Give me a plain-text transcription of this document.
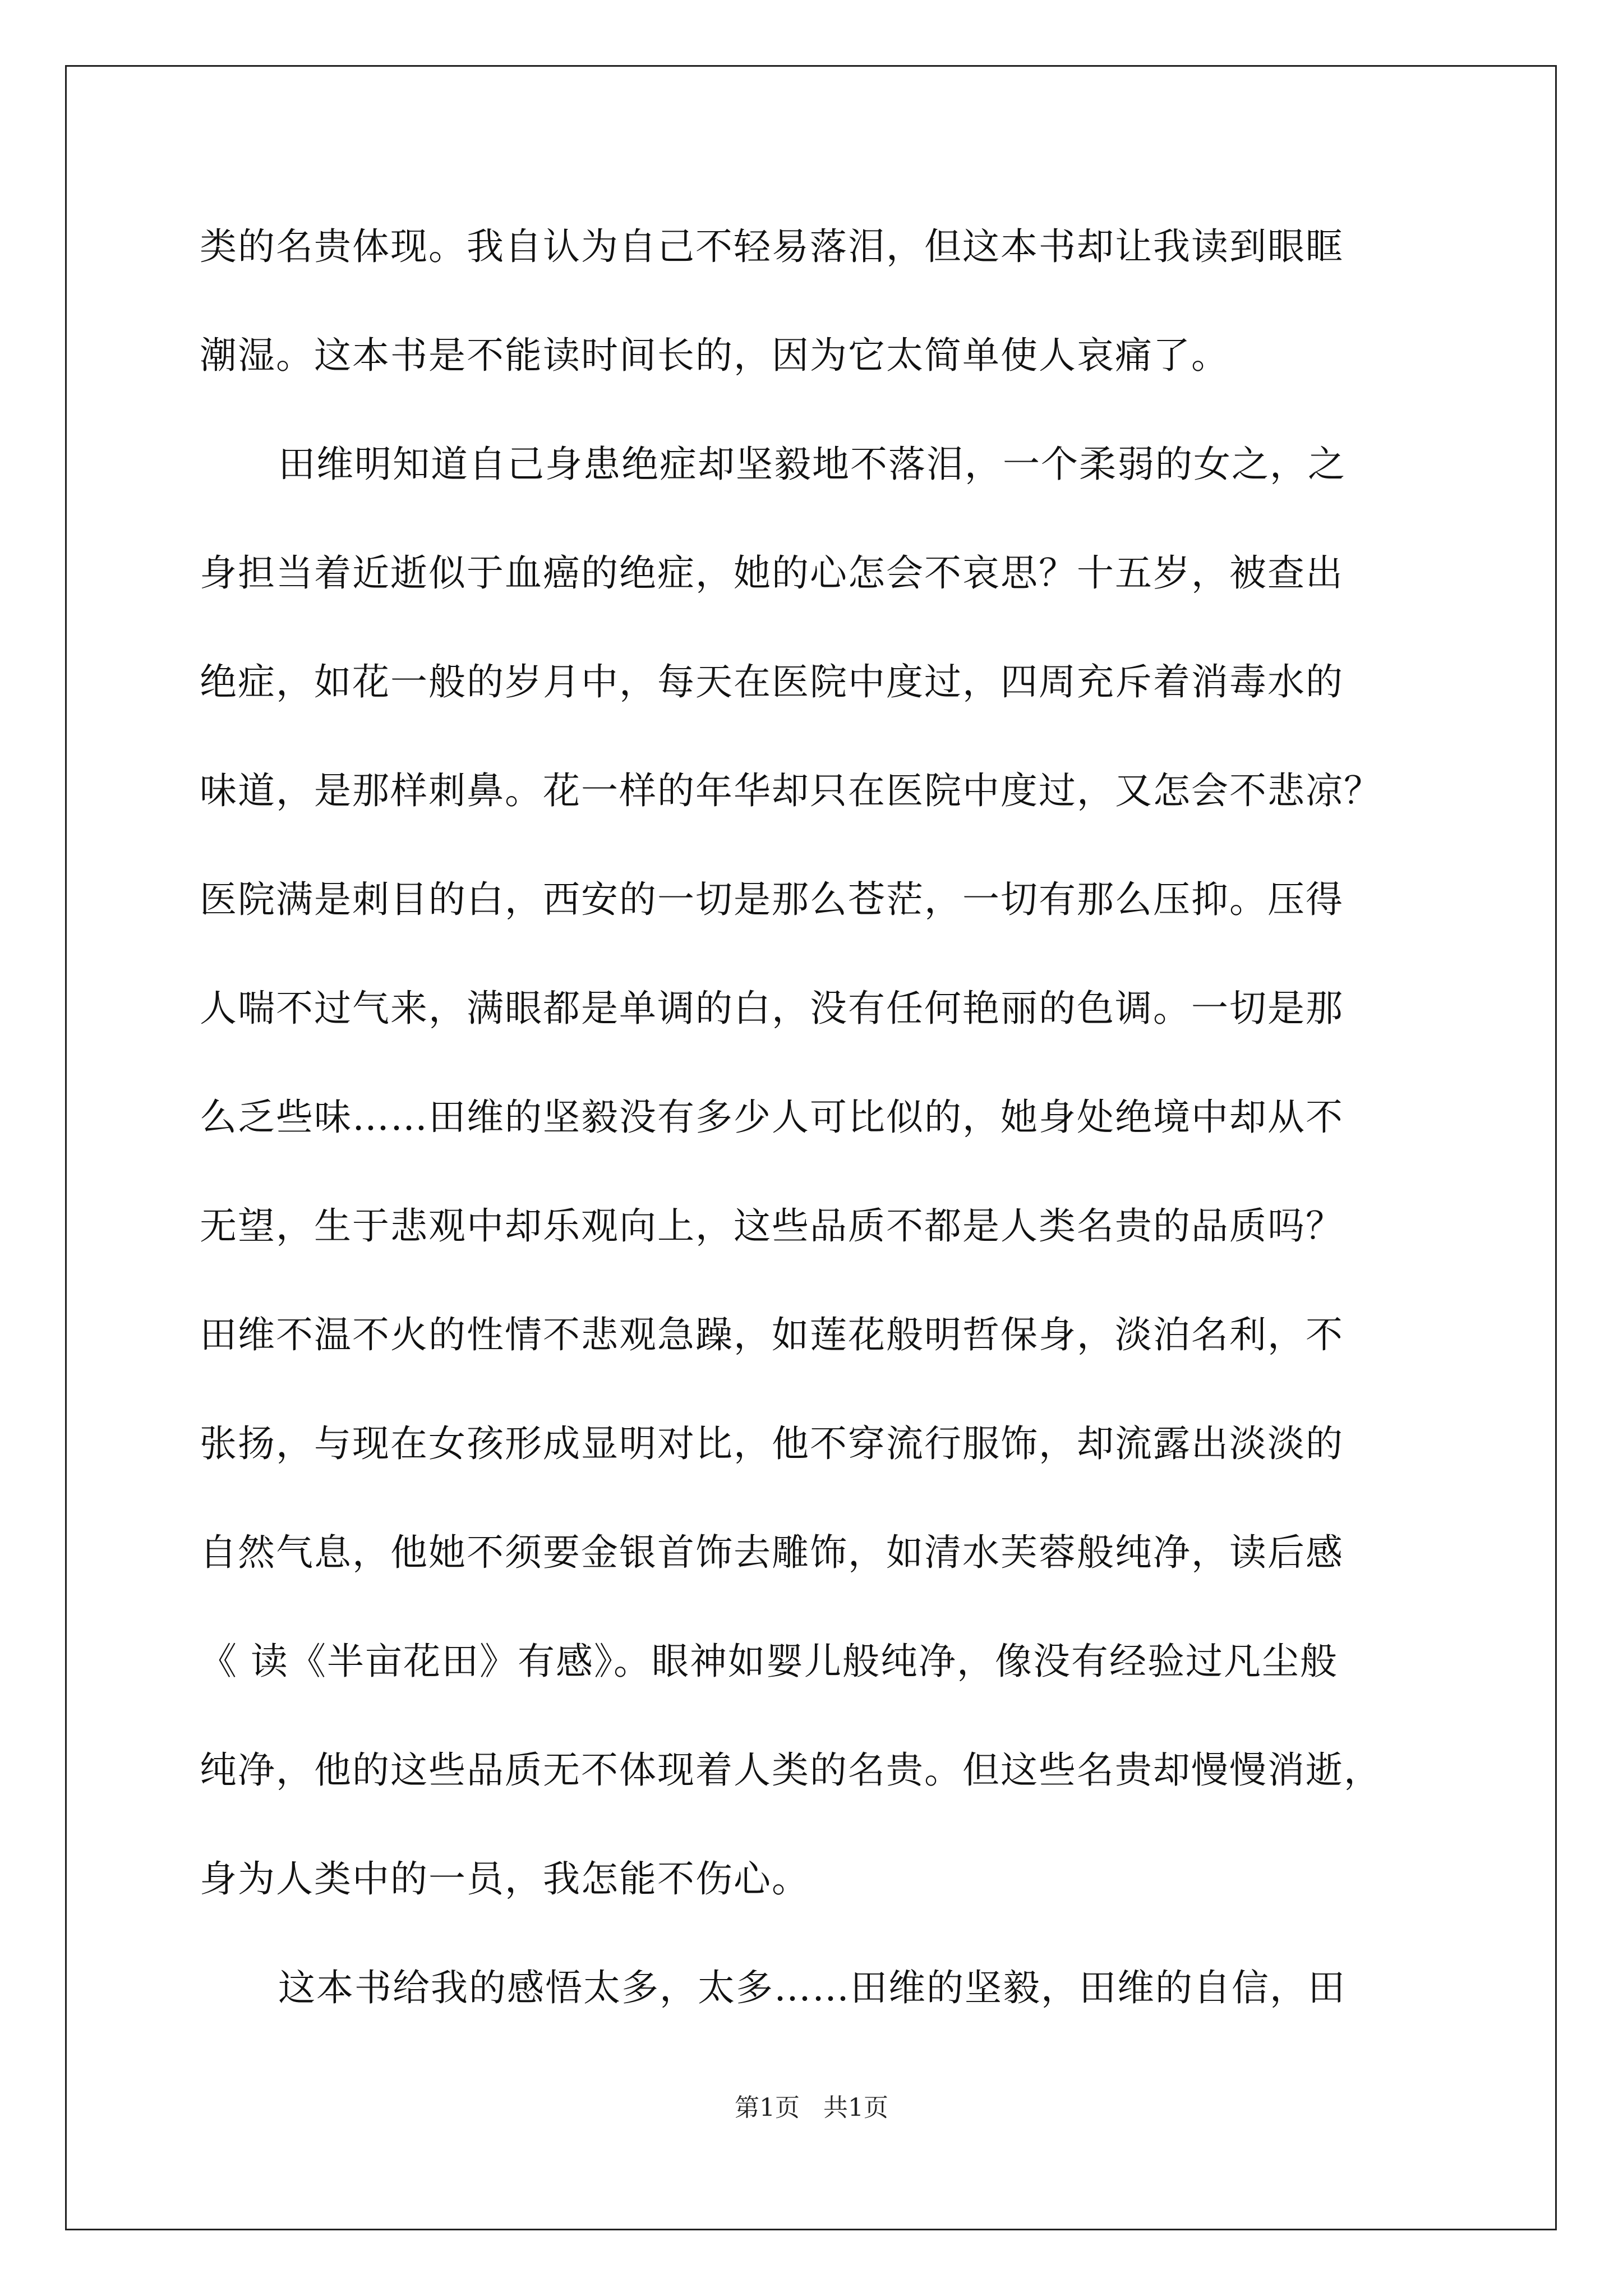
类的名贵体现。我自认为自己不轻易落泪，但这本书却让我读到眼眶
潮湿。这本书是不能读时间长的，因为它太简单使人哀痛了。
田维明知道自己身患绝症却坚毅地不落泪，一个柔弱的女之，之
身担当着近逝似于血癌的绝症，她的心怎会不哀思？十五岁，被查出
绝症，如花一般的岁月中，每天在医院中度过，四周充斥着消毒水的
味道，是那样刺鼻。花一样的年华却只在医院中度过，又怎会不悲凉？
医院满是刺目的白，西安的一切是那么苍茫，一切有那么压抑。压得
人喘不过气来，满眼都是单调的白，没有任何艳丽的色调。一切是那
么乏些味……田维的坚毅没有多少人可比似的，她身处绝境中却从不
无望，生于悲观中却乐观向上，这些品质不都是人类名贵的品质吗？
田维不温不火的性情不悲观急躁，如莲花般明哲保身，淡泊名利，不
张扬，与现在女孩形成显明对比，他不穿流行服饰，却流露出淡淡的
自然气息，他她不须要金银首饰去雕饰，如清水芙蓉般纯净，读后感
《 读《半亩花田》有感》。眼神如婴儿般纯净，像没有经验过凡尘般
纯净，他的这些品质无不体现着人类的名贵。但这些名贵却慢慢消逝，
身为人类中的一员，我怎能不伤心。
这本书给我的感悟太多，太多……田维的坚毅，田维的自信，田
第1页 共1页
